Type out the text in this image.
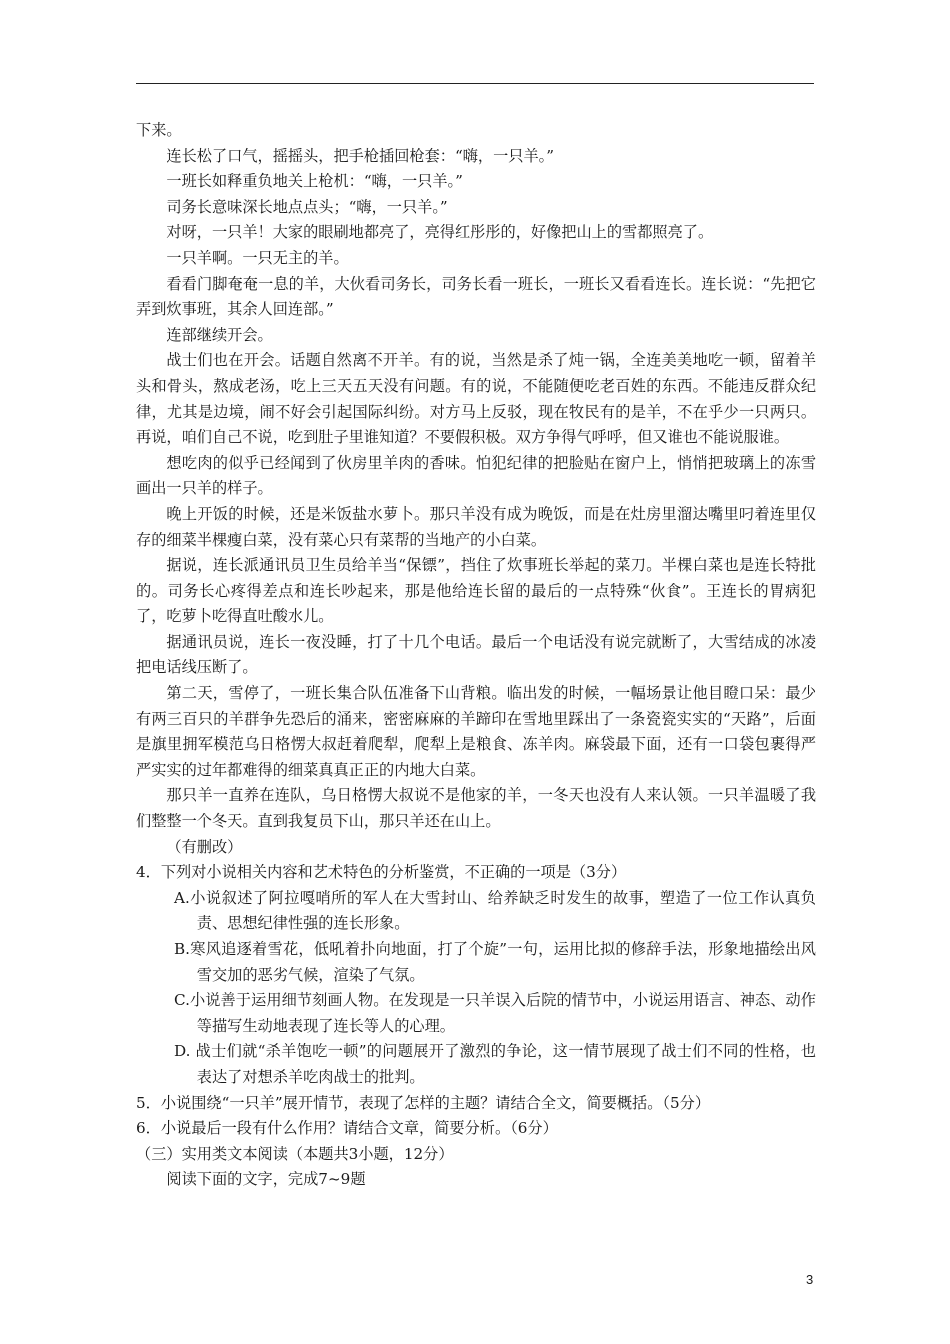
下来。

连长松了口气，摇摇头，把手枪插回枪套：“嗨，一只羊。”

一班长如释重负地关上枪机：“嗨，一只羊。”

司务长意味深长地点点头；“嗨，一只羊。”

对呀，一只羊！大家的眼刷地都亮了，亮得红彤彤的，好像把山上的雪都照亮了。

一只羊啊。一只无主的羊。

看看门脚奄奄一息的羊，大伙看司务长，司务长看一班长，一班长又看看连长。连长说：“先把它弄到炊事班，其余人回连部。”

连部继续开会。

战士们也在开会。话题自然离不开羊。有的说，当然是杀了炖一锅，全连美美地吃一顿，留着羊头和骨头，熬成老汤，吃上三天五天没有问题。有的说，不能随便吃老百姓的东西。不能违反群众纪律，尤其是边境，闹不好会引起国际纠纷。对方马上反驳，现在牧民有的是羊，不在乎少一只两只。再说，咱们自己不说，吃到肚子里谁知道？不要假积极。双方争得气呼呼，但又谁也不能说服谁。

想吃肉的似乎已经闻到了伙房里羊肉的香味。怕犯纪律的把脸贴在窗户上，悄悄把玻璃上的冻雪画出一只羊的样子。

晚上开饭的时候，还是米饭盐水萝卜。那只羊没有成为晚饭，而是在灶房里溜达嘴里叼着连里仅存的细菜半棵瘦白菜，没有菜心只有菜帮的当地产的小白菜。

据说，连长派通讯员卫生员给羊当“保镖”，挡住了炊事班长举起的菜刀。半棵白菜也是连长特批的。司务长心疼得差点和连长吵起来，那是他给连长留的最后的一点特殊“伙食”。王连长的胃病犯了，吃萝卜吃得直吐酸水儿。

据通讯员说，连长一夜没睡，打了十几个电话。最后一个电话没有说完就断了，大雪结成的冰凌把电话线压断了。

第二天，雪停了，一班长集合队伍准备下山背粮。临出发的时候，一幅场景让他目瞪口呆：最少有两三百只的羊群争先恐后的涌来，密密麻麻的羊蹄印在雪地里踩出了一条瓷瓷实实的“天路”，后面是旗里拥军模范乌日格愣大叔赶着爬犁，爬犁上是粮食、冻羊肉。麻袋最下面，还有一口袋包裹得严严实实的过年都难得的细菜真真正正的内地大白菜。

那只羊一直养在连队，乌日格愣大叔说不是他家的羊，一冬天也没有人来认领。一只羊温暖了我们整整一个冬天。直到我复员下山，那只羊还在山上。

（有删改）

4．下列对小说相关内容和艺术特色的分析鉴赏，不正确的一项是（3分）

A.小说叙述了阿拉嘎哨所的军人在大雪封山、给养缺乏时发生的故事，塑造了一位工作认真负责、思想纪律性强的连长形象。

B.寒风追逐着雪花，低吼着扑向地面，打了个旋”一句，运用比拟的修辞手法，形象地描绘出风雪交加的恶劣气候，渲染了气氛。

C.小说善于运用细节刻画人物。在发现是一只羊误入后院的情节中，小说运用语言、神态、动作等描写生动地表现了连长等人的心理。

D. 战士们就“杀羊饱吃一顿”的问题展开了激烈的争论，这一情节展现了战士们不同的性格，也表达了对想杀羊吃肉战士的批判。

5．小说围绕“一只羊”展开情节，表现了怎样的主题？请结合全文，简要概括。（5分）

6．小说最后一段有什么作用？请结合文章，简要分析。（6分）

（三）实用类文本阅读（本题共3小题，12分）

阅读下面的文字，完成7~9题

3
